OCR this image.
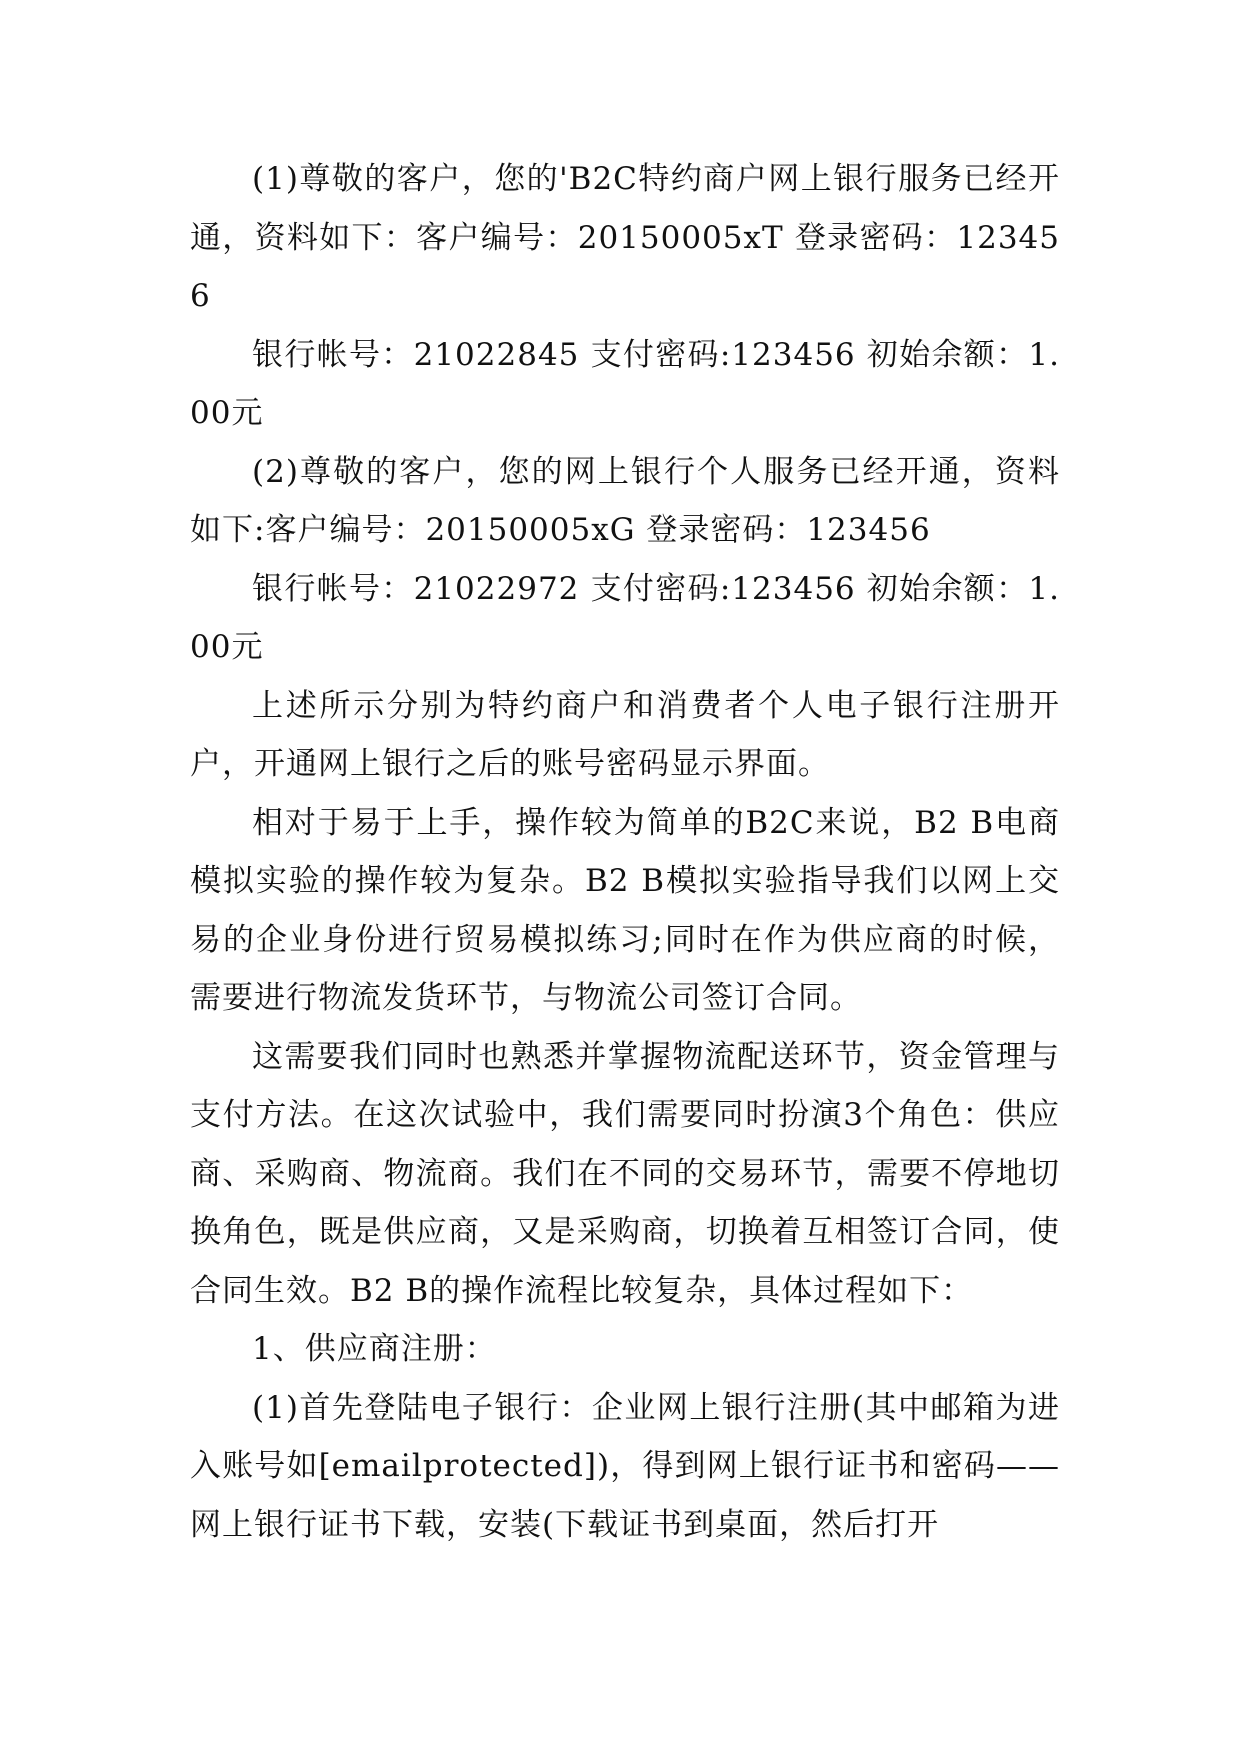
(1)尊敬的客户，您的'B2C特约商户网上银行服务已经开通，资料如下：客户编号：20150005xT 登录密码：123456

银行帐号：21022845 支付密码:123456 初始余额：1.00元

(2)尊敬的客户，您的网上银行个人服务已经开通，资料如下:客户编号：20150005xG 登录密码：123456

银行帐号：21022972 支付密码:123456 初始余额：1.00元

上述所示分别为特约商户和消费者个人电子银行注册开户，开通网上银行之后的账号密码显示界面。

相对于易于上手，操作较为简单的B2C来说，B2 B电商模拟实验的操作较为复杂。B2 B模拟实验指导我们以网上交易的企业身份进行贸易模拟练习;同时在作为供应商的时候，需要进行物流发货环节，与物流公司签订合同。

这需要我们同时也熟悉并掌握物流配送环节，资金管理与支付方法。在这次试验中，我们需要同时扮演3个角色：供应商、采购商、物流商。我们在不同的交易环节，需要不停地切换角色，既是供应商，又是采购商，切换着互相签订合同，使合同生效。B2 B的操作流程比较复杂，具体过程如下：

1、供应商注册：

(1)首先登陆电子银行：企业网上银行注册(其中邮箱为进入账号如[emailprotected])，得到网上银行证书和密码——网上银行证书下载，安装(下载证书到桌面，然后打开
